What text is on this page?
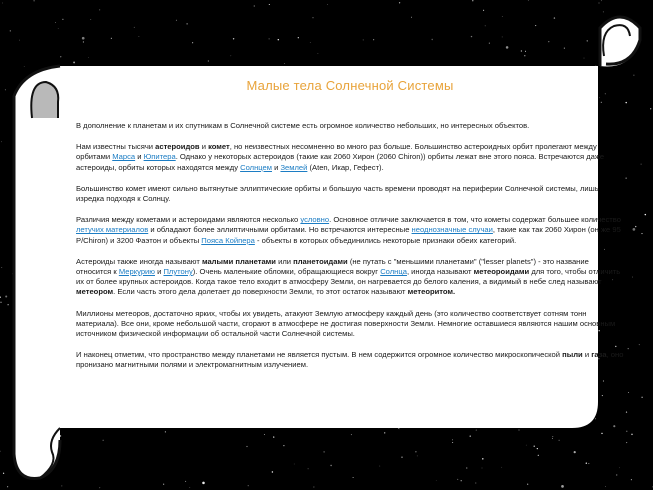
Малые тела Солнечной Системы

В дополнение к планетам и их спутникам в Солнечной системе есть огромное количество небольших, но интересных объектов.

Нам известны тысячи астероидов и комет, но неизвестных несомненно во много раз больше. Большинство астероидных орбит пролегают между орбитами Марса и Юпитера. Однако у некоторых астероидов (такие как 2060 Хирон (2060 Chiron)) орбиты лежат вне этого пояса. Встречаются даже астероиды, орбиты которых находятся между Солнцем и Землей (Aten, Икар, Гефест).

Большинство комет имеют сильно вытянутые эллиптические орбиты и большую часть времени проводят на периферии Солнечной системы, лишь изредка подходя к Солнцу.

Различия между кометами и астероидами являются несколько условно. Основное отличие заключается в том, что кометы содержат большее количество летучих материалов и обладают более эллиптичными орбитами. Но встречаются интересные неоднозначные случаи, такие как так 2060 Хирон (он же 95 P/Chiron) и 3200 Фаэтон и объекты Пояса Койпера - объекты в которых объединились некоторые признаки обеих категорий.

Астероиды также иногда называют малыми планетами или планетоидами (не путать с "меньшими планетами" ("lesser planets") - это название относится к Меркурию и Плутону). Очень маленькие обломки, обращающиеся вокруг Солнца, иногда называют метеороидами для того, чтобы отличить их от более крупных астероидов. Когда такое тело входит в атмосферу Земли, он нагревается до белого каления, а видимый в небе след называют метеором. Если часть этого дела долетает до поверхности Земли, то этот остаток называют метеоритом.

Миллионы метеоров, достаточно ярких, чтобы их увидеть, атакуют Землую атмосферу каждый день (это количество соответствует сотням тонн материала). Все они, кроме небольшой части, сгорают в атмосфере не достигая поверхности Земли. Немногие оставшиеся являются нашим основным источником физической информации об остальной части Солнечной системы.

И наконец отметим, что пространство между планетами не является пустым. В нем содержится огромное количество микроскопической пыли и газа, оно пронизано магнитными полями и электромагнитным излучением.
